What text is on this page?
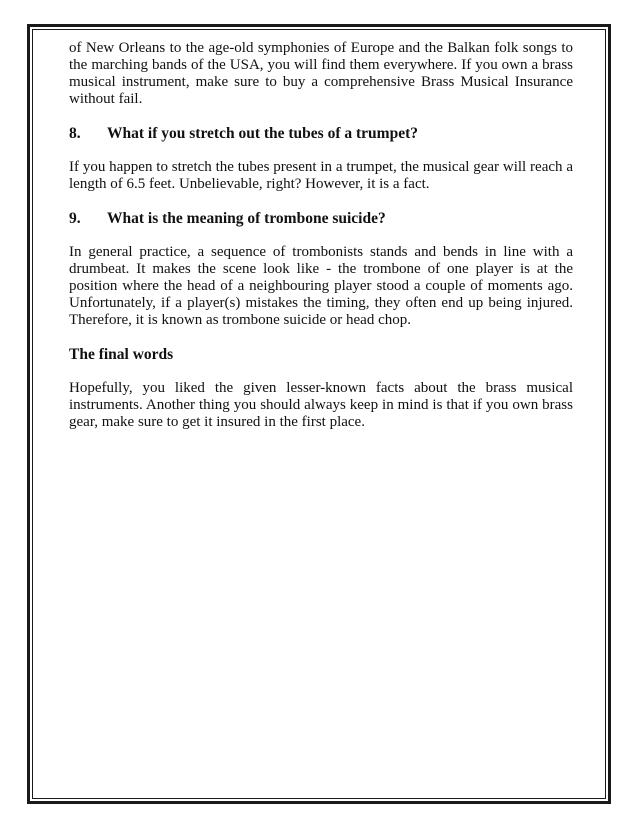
of New Orleans to the age-old symphonies of Europe and the Balkan folk songs to the marching bands of the USA, you will find them everywhere. If you own a brass musical instrument, make sure to buy a comprehensive Brass Musical Insurance without fail.

8.	What if you stretch out the tubes of a trumpet?

If you happen to stretch the tubes present in a trumpet, the musical gear will reach a length of 6.5 feet. Unbelievable, right? However, it is a fact.

9.	What is the meaning of trombone suicide?

In general practice, a sequence of trombonists stands and bends in line with a drumbeat. It makes the scene look like - the trombone of one player is at the position where the head of a neighbouring player stood a couple of moments ago. Unfortunately, if a player(s) mistakes the timing, they often end up being injured. Therefore, it is known as trombone suicide or head chop.

The final words

Hopefully, you liked the given lesser-known facts about the brass musical instruments. Another thing you should always keep in mind is that if you own brass gear, make sure to get it insured in the first place.
